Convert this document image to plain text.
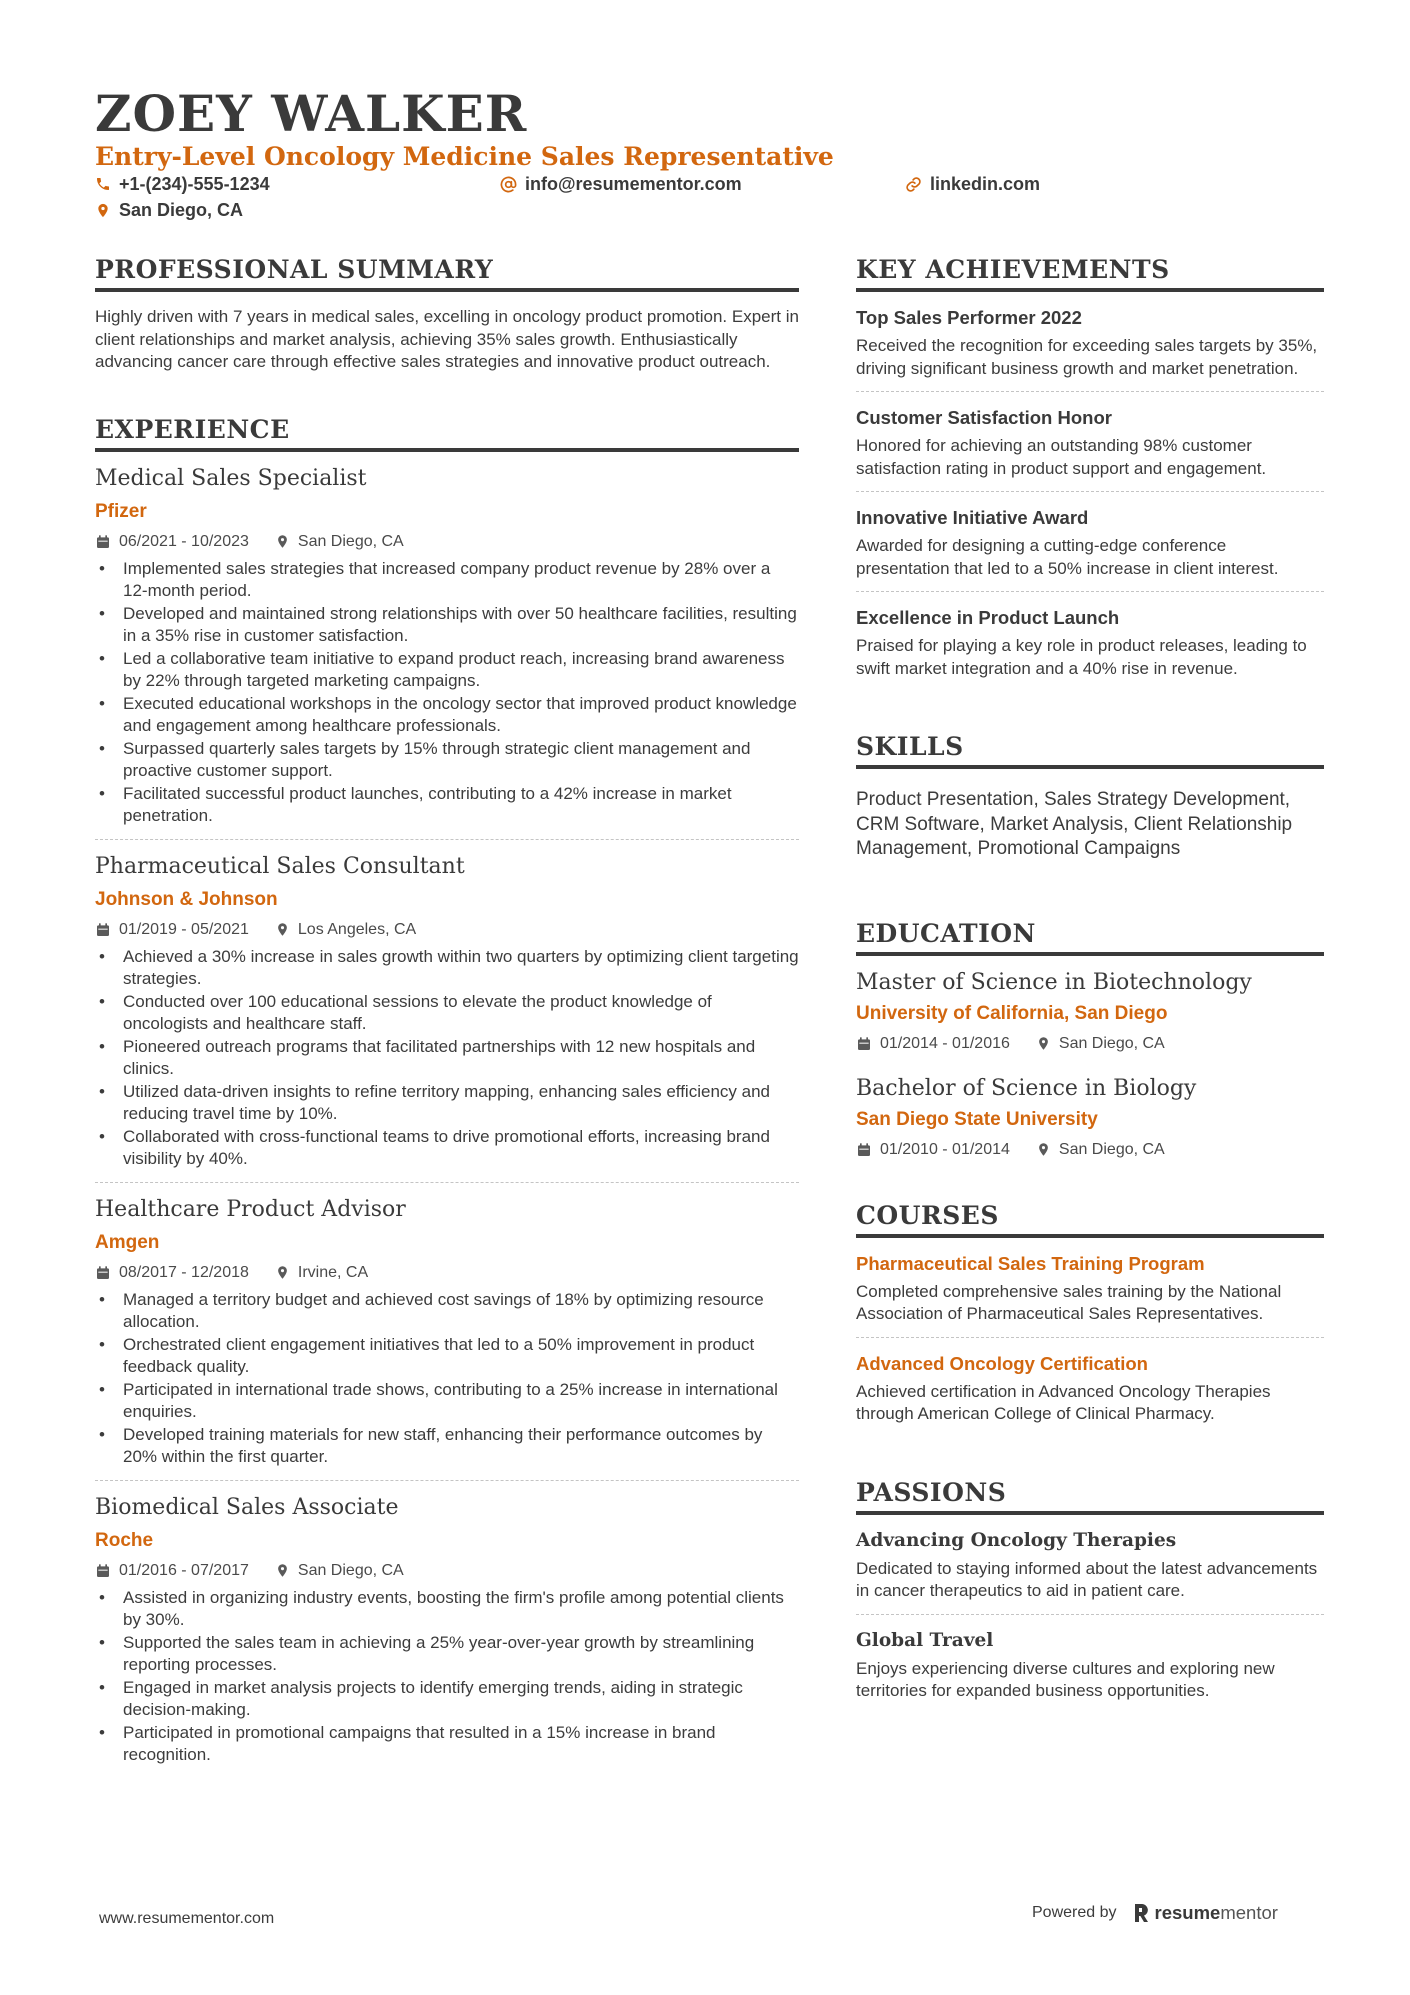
ZOEY WALKER
Entry-Level Oncology Medicine Sales Representative
+1-(234)-555-1234	info@resumementor.com	linkedin.com
San Diego, CA
PROFESSIONAL SUMMARY

Highly driven with 7 years in medical sales, excelling in oncology product promotion. Expert in client relationships and market analysis, achieving 35% sales growth. Enthusiastically advancing cancer care through effective sales strategies and innovative product outreach.

EXPERIENCE
Medical Sales Specialist
Pfizer
06/2021 - 10/2023	San Diego, CA
• Implemented sales strategies that increased company product revenue by 28% over a 12-month period.
• Developed and maintained strong relationships with over 50 healthcare facilities, resulting in a 35% rise in customer satisfaction.
• Led a collaborative team initiative to expand product reach, increasing brand awareness by 22% through targeted marketing campaigns.
• Executed educational workshops in the oncology sector that improved product knowledge and engagement among healthcare professionals.
• Surpassed quarterly sales targets by 15% through strategic client management and proactive customer support.
• Facilitated successful product launches, contributing to a 42% increase in market penetration.
Pharmaceutical Sales Consultant
Johnson & Johnson
01/2019 - 05/2021	Los Angeles, CA
• Achieved a 30% increase in sales growth within two quarters by optimizing client targeting strategies.
• Conducted over 100 educational sessions to elevate the product knowledge of oncologists and healthcare staff.
• Pioneered outreach programs that facilitated partnerships with 12 new hospitals and clinics.
• Utilized data-driven insights to refine territory mapping, enhancing sales efficiency and reducing travel time by 10%.
• Collaborated with cross-functional teams to drive promotional efforts, increasing brand visibility by 40%.
Healthcare Product Advisor
Amgen
08/2017 - 12/2018	Irvine, CA
• Managed a territory budget and achieved cost savings of 18% by optimizing resource allocation.
• Orchestrated client engagement initiatives that led to a 50% improvement in product feedback quality.
• Participated in international trade shows, contributing to a 25% increase in international enquiries.
• Developed training materials for new staff, enhancing their performance outcomes by 20% within the first quarter.
Biomedical Sales Associate
Roche
01/2016 - 07/2017	San Diego, CA
• Assisted in organizing industry events, boosting the firm's profile among potential clients by 30%.
• Supported the sales team in achieving a 25% year-over-year growth by streamlining reporting processes.
• Engaged in market analysis projects to identify emerging trends, aiding in strategic decision-making.
• Participated in promotional campaigns that resulted in a 15% increase in brand recognition.
KEY ACHIEVEMENTS
Top Sales Performer 2022
Received the recognition for exceeding sales targets by 35%, driving significant business growth and market penetration.
Customer Satisfaction Honor
Honored for achieving an outstanding 98% customer satisfaction rating in product support and engagement.
Innovative Initiative Award
Awarded for designing a cutting-edge conference presentation that led to a 50% increase in client interest.
Excellence in Product Launch
Praised for playing a key role in product releases, leading to swift market integration and a 40% rise in revenue.
SKILLS
Product Presentation, Sales Strategy Development, CRM Software, Market Analysis, Client Relationship Management, Promotional Campaigns
EDUCATION
Master of Science in Biotechnology
University of California, San Diego
01/2014 - 01/2016	San Diego, CA
Bachelor of Science in Biology
San Diego State University
01/2010 - 01/2014	San Diego, CA
COURSES
Pharmaceutical Sales Training Program
Completed comprehensive sales training by the National Association of Pharmaceutical Sales Representatives.
Advanced Oncology Certification
Achieved certification in Advanced Oncology Therapies through American College of Clinical Pharmacy.
PASSIONS
Advancing Oncology Therapies
Dedicated to staying informed about the latest advancements in cancer therapeutics to aid in patient care.
Global Travel
Enjoys experiencing diverse cultures and exploring new territories for expanded business opportunities.
www.resumementor.com	Powered by resumementor
